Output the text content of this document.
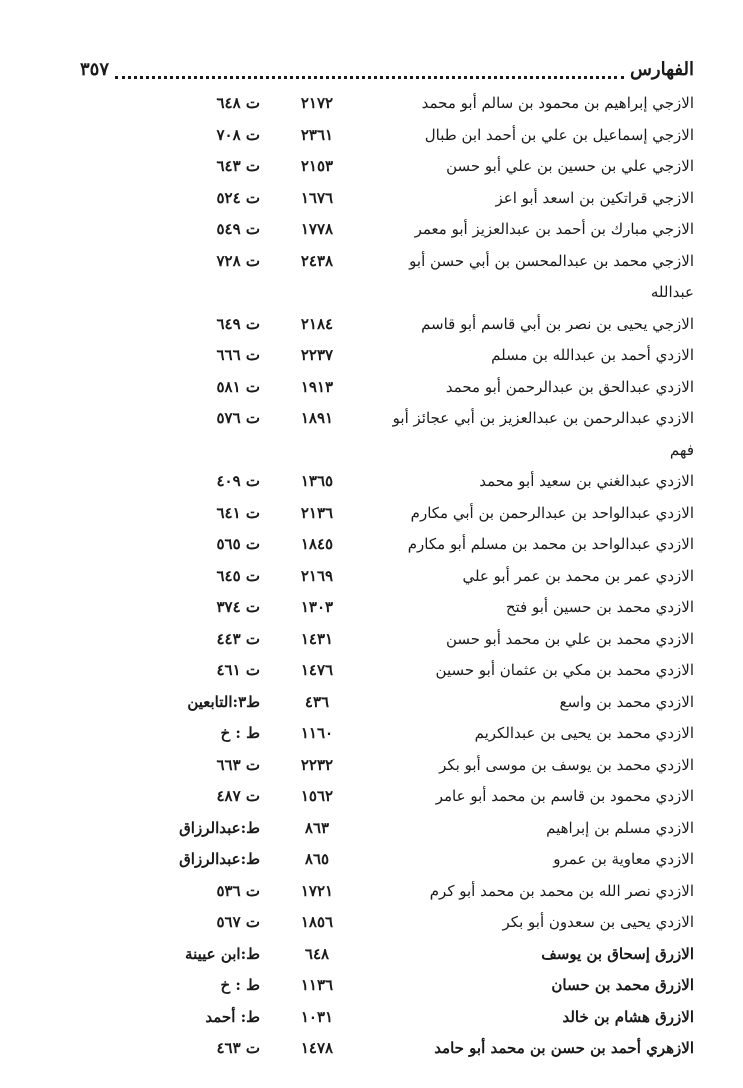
الفهارس
٣٥٧
الازجي إبراهيم بن محمود بن سالم أبو محمد
٢١٧٢
ت ٦٤٨
الازجي إسماعيل بن علي بن أحمد ابن طبال
٢٣٦١
ت ٧٠٨
الازجي علي بن حسين بن علي أبو حسن
٢١٥٣
ت ٦٤٣
الازجي قراتكين بن اسعد أبو اعز
١٦٧٦
ت ٥٢٤
الازجي مبارك بن أحمد بن عبدالعزيز أبو معمر
١٧٧٨
ت ٥٤٩
الازجي محمد بن عبدالمحسن بن أبي حسن أبو
٢٤٣٨
ت ٧٢٨
عبدالله
الازجي يحيى بن نصر بن أبي قاسم أبو قاسم
٢١٨٤
ت ٦٤٩
الازدي أحمد بن عبدالله بن مسلم
٢٢٣٧
ت ٦٦٦
الازدي عبدالحق بن عبدالرحمن أبو محمد
١٩١٣
ت ٥٨١
الازدي عبدالرحمن بن عبدالعزيز بن أبي عجائز أبو
١٨٩١
ت ٥٧٦
فهم
الازدي عبدالغني بن سعيد أبو محمد
١٣٦٥
ت ٤٠٩
الازدي عبدالواحد بن عبدالرحمن بن أبي مكارم
٢١٣٦
ت ٦٤١
الازدي عبدالواحد بن محمد بن مسلم أبو مكارم
١٨٤٥
ت ٥٦٥
الازدي عمر بن محمد بن عمر أبو علي
٢١٦٩
ت ٦٤٥
الازدي محمد بن حسين أبو فتح
١٣٠٣
ت ٣٧٤
الازدي محمد بن علي بن محمد أبو حسن
١٤٣١
ت ٤٤٣
الازدي محمد بن مكي بن عثمان أبو حسين
١٤٧٦
ت ٤٦١
الازدي محمد بن واسع
٤٣٦
ط٣:التابعين
الازدي محمد بن يحيى بن عبدالكريم
١١٦٠
ط : خ
الازدي محمد بن يوسف بن موسى أبو بكر
٢٢٣٢
ت ٦٦٣
الازدي محمود بن قاسم بن محمد أبو عامر
١٥٦٢
ت ٤٨٧
الازدي مسلم بن إبراهيم
٨٦٣
ط:عبدالرزاق
الازدي معاوية بن عمرو
٨٦٥
ط:عبدالرزاق
الازدي نصر الله بن محمد بن محمد أبو كرم
١٧٢١
ت ٥٣٦
الازدي يحيى بن سعدون أبو بكر
١٨٥٦
ت ٥٦٧
الازرق إسحاق بن يوسف
٦٤٨
ط:ابن عيينة
الازرق محمد بن حسان
١١٣٦
ط : خ
الازرق هشام بن خالد
١٠٣١
ط: أحمد
الازهري أحمد بن حسن بن محمد أبو حامد
١٤٧٨
ت ٤٦٣
